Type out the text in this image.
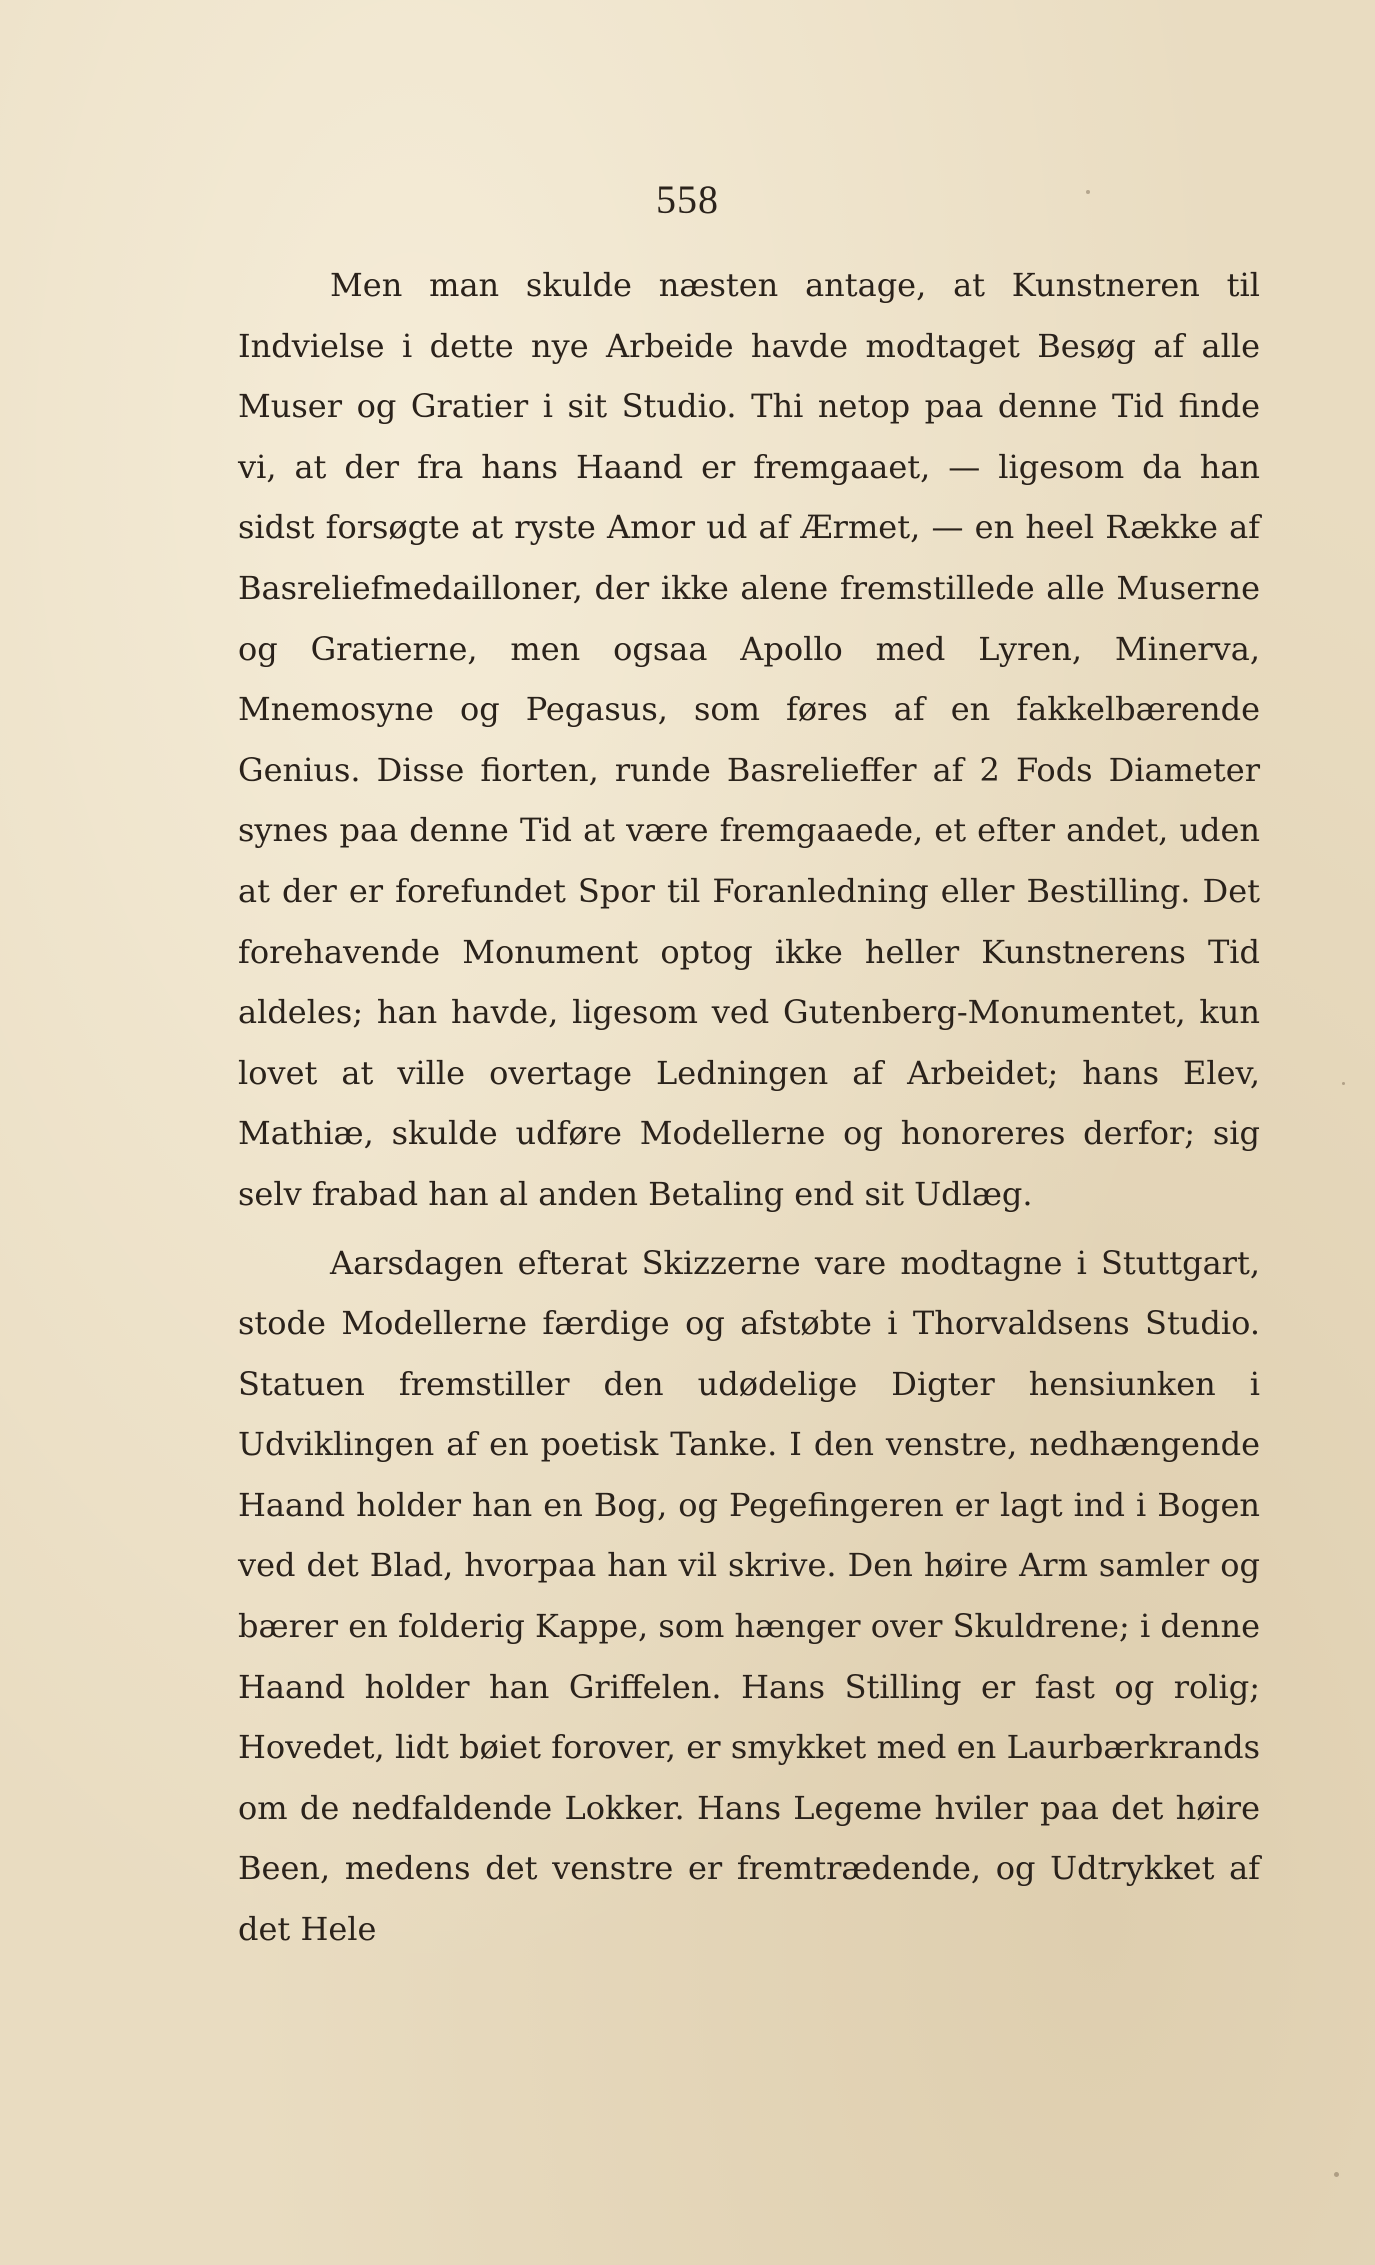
558

Men man skulde næsten antage, at Kunstneren til Indvielse i dette nye Arbeide havde modtaget Besøg af alle Muser og Gratier i sit Studio. Thi netop paa denne Tid finde vi, at der fra hans Haand er fremgaaet, — ligesom da han sidst forsøgte at ryste Amor ud af Ærmet, — en heel Række af Basreliefmedailloner, der ikke alene fremstillede alle Muserne og Gratierne, men ogsaa Apollo med Lyren, Minerva, Mnemosyne og Pegasus, som føres af en fakkelbærende Genius. Disse fiorten, runde Basrelieffer af 2 Fods Diameter synes paa denne Tid at være fremgaaede, et efter andet, uden at der er forefundet Spor til Foranledning eller Bestilling. Det forehavende Monument optog ikke heller Kunstnerens Tid aldeles; han havde, ligesom ved Gutenberg-Monumentet, kun lovet at ville overtage Ledningen af Arbeidet; hans Elev, Mathiæ, skulde udføre Modellerne og honoreres derfor; sig selv frabad han al anden Betaling end sit Udlæg.

Aarsdagen efterat Skizzerne vare modtagne i Stuttgart, stode Modellerne færdige og afstøbte i Thorvaldsens Studio. Statuen fremstiller den udødelige Digter hensiunken i Udviklingen af en poetisk Tanke. I den venstre, nedhængende Haand holder han en Bog, og Pegefingeren er lagt ind i Bogen ved det Blad, hvorpaa han vil skrive. Den høire Arm samler og bærer en folderig Kappe, som hænger over Skuldrene; i denne Haand holder han Griffelen. Hans Stilling er fast og rolig; Hovedet, lidt bøiet forover, er smykket med en Laurbærkrands om de nedfaldende Lokker. Hans Legeme hviler paa det høire Been, medens det venstre er fremtrædende, og Udtrykket af det Hele
